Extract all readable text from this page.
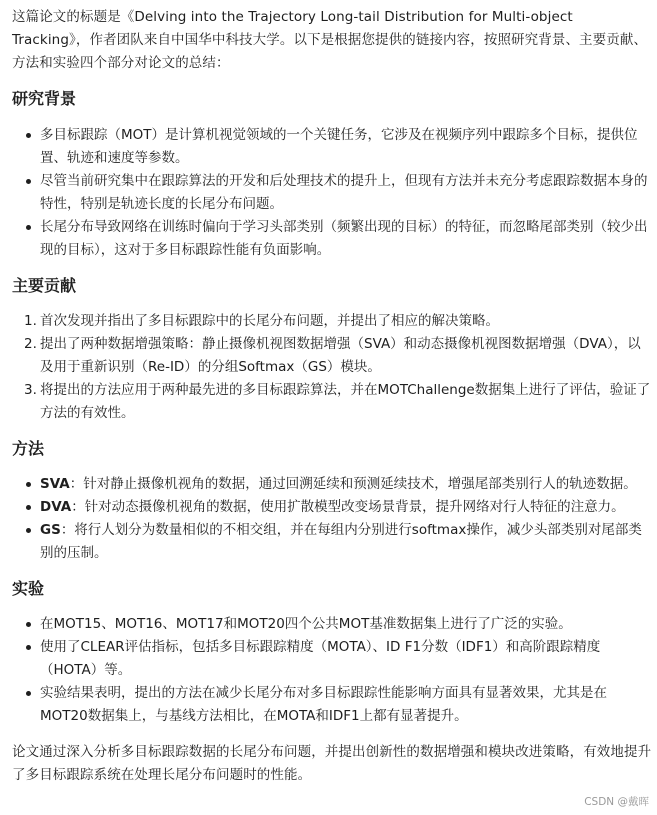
这篇论文的标题是《Delving into the Trajectory Long-tail Distribution for Multi-object Tracking》，作者团队来自中国华中科技大学。以下是根据您提供的链接内容，按照研究背景、主要贡献、方法和实验四个部分对论文的总结：

研究背景
多目标跟踪（MOT）是计算机视觉领域的一个关键任务，它涉及在视频序列中跟踪多个目标，提供位置、轨迹和速度等参数。
尽管当前研究集中在跟踪算法的开发和后处理技术的提升上，但现有方法并未充分考虑跟踪数据本身的特性，特别是轨迹长度的长尾分布问题。
长尾分布导致网络在训练时偏向于学习头部类别（频繁出现的目标）的特征，而忽略尾部类别（较少出现的目标），这对于多目标跟踪性能有负面影响。
主要贡献
1. 首次发现并指出了多目标跟踪中的长尾分布问题，并提出了相应的解决策略。
2. 提出了两种数据增强策略：静止摄像机视图数据增强（SVA）和动态摄像机视图数据增强（DVA），以及用于重新识别（Re-ID）的分组Softmax（GS）模块。
3. 将提出的方法应用于两种最先进的多目标跟踪算法，并在MOTChallenge数据集上进行了评估，验证了方法的有效性。
方法
SVA：针对静止摄像机视角的数据，通过回溯延续和预测延续技术，增强尾部类别行人的轨迹数据。
DVA：针对动态摄像机视角的数据，使用扩散模型改变场景背景，提升网络对行人特征的注意力。
GS：将行人划分为数量相似的不相交组，并在每组内分别进行softmax操作，减少头部类别对尾部类别的压制。
实验
在MOT15、MOT16、MOT17和MOT20四个公共MOT基准数据集上进行了广泛的实验。
使用了CLEAR评估指标，包括多目标跟踪精度（MOTA）、ID F1分数（IDF1）和高阶跟踪精度（HOTA）等。
实验结果表明，提出的方法在减少长尾分布对多目标跟踪性能影响方面具有显著效果，尤其是在MOT20数据集上，与基线方法相比，在MOTA和IDF1上都有显著提升。

论文通过深入分析多目标跟踪数据的长尾分布问题，并提出创新性的数据增强和模块改进策略，有效地提升了多目标跟踪系统在处理长尾分布问题时的性能。

CSDN @戴晖
